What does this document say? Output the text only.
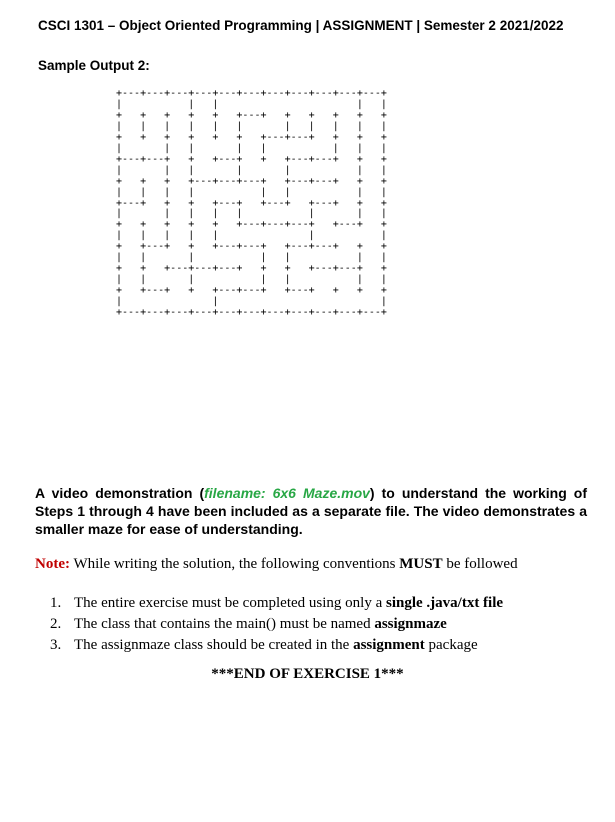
CSCI 1301 – Object Oriented Programming | ASSIGNMENT | Semester 2 2021/2022
Sample Output 2:
+---+---+---+---+---+---+---+---+---+---+---+
|           |   |                       |   |
+   +   +   +   +   +---+   +   +   +   +   +
|   |   |   |   |   |       |   |   |   |   |
+   +   +   +   +   +   +---+---+   +   +   +
|       |   |       |   |           |   |   |
+---+---+   +   +---+   +   +---+---+   +   +
|       |   |       |       |           |   |
+   +   +   +---+---+---+   +---+---+   +   +
|   |   |   |           |   |           |   |
+---+   +   +   +---+   +---+   +---+   +   +
|       |   |   |   |           |       |   |
+   +   +   +   +   +---+---+---+   +---+   +
|   |   |   |   |               |           |
+   +---+   +   +---+---+   +---+---+   +   +
|   |       |           |   |           |   |
+   +   +---+---+---+   +   +   +---+---+   +
|   |       |           |   |           |   |
+   +---+   +   +---+---+   +---+   +   +   +
|               |                           |
+---+---+---+---+---+---+---+---+---+---+---+

A video demonstration (filename: 6x6 Maze.mov) to understand the working of Steps 1 through 4 have been included as a separate file. The video demonstrates a smaller maze for ease of understanding.

Note: While writing the solution, the following conventions MUST be followed
1. The entire exercise must be completed using only a single .java/txt file
2. The class that contains the main() must be named assignmaze
3. The assignmaze class should be created in the assignment package
***END OF EXERCISE 1***
